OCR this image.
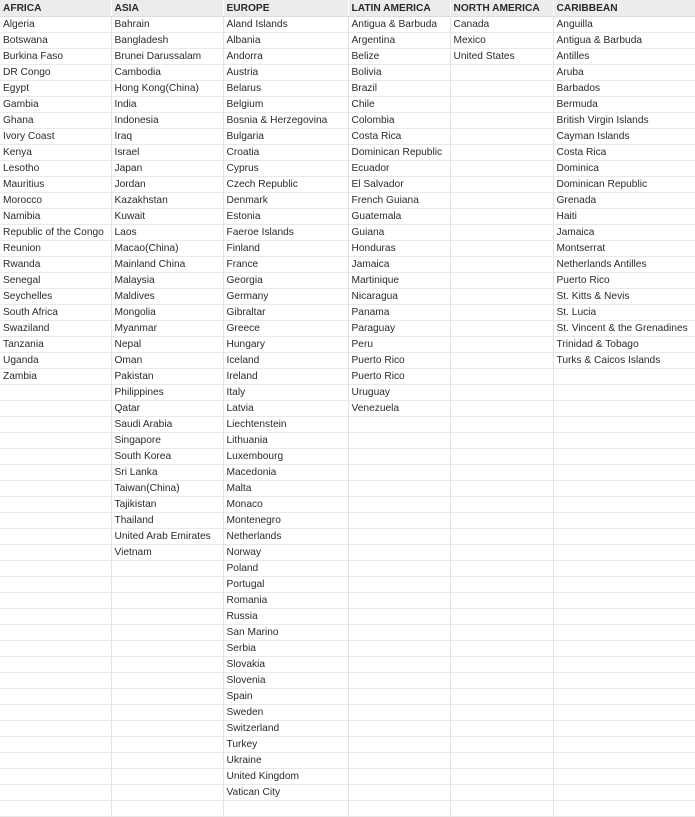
AFRICA	ASIA	EUROPE	LATIN AMERICA	NORTH AMERICA	CARIBBEAN
Algeria	Bahrain	Aland Islands	Antigua & Barbuda	Canada	Anguilla
Botswana	Bangladesh	Albania	Argentina	Mexico	Antigua & Barbuda
Burkina Faso	Brunei Darussalam	Andorra	Belize	United States	Antilles
DR Congo	Cambodia	Austria	Bolivia		Aruba
Egypt	Hong Kong(China)	Belarus	Brazil		Barbados
Gambia	India	Belgium	Chile		Bermuda
Ghana	Indonesia	Bosnia & Herzegovina	Colombia		British Virgin Islands
Ivory Coast	Iraq	Bulgaria	Costa Rica		Cayman Islands
Kenya	Israel	Croatia	Dominican Republic		Costa Rica
Lesotho	Japan	Cyprus	Ecuador		Dominica
Mauritius	Jordan	Czech Republic	El Salvador		Dominican Republic
Morocco	Kazakhstan	Denmark	French Guiana		Grenada
Namibia	Kuwait	Estonia	Guatemala		Haiti
Republic of the Congo	Laos	Faeroe Islands	Guiana		Jamaica
Reunion	Macao(China)	Finland	Honduras		Montserrat
Rwanda	Mainland China	France	Jamaica		Netherlands Antilles
Senegal	Malaysia	Georgia	Martinique		Puerto Rico
Seychelles	Maldives	Germany	Nicaragua		St. Kitts & Nevis
South Africa	Mongolia	Gibraltar	Panama		St. Lucia
Swaziland	Myanmar	Greece	Paraguay		St. Vincent & the Grenadines
Tanzania	Nepal	Hungary	Peru		Trinidad & Tobago
Uganda	Oman	Iceland	Puerto Rico		Turks & Caicos Islands
Zambia	Pakistan	Ireland	Puerto Rico		
	Philippines	Italy	Uruguay		
	Qatar	Latvia	Venezuela		
	Saudi Arabia	Liechtenstein			
	Singapore	Lithuania			
	South Korea	Luxembourg			
	Sri Lanka	Macedonia			
	Taiwan(China)	Malta			
	Tajikistan	Monaco			
	Thailand	Montenegro			
	United Arab Emirates	Netherlands			
	Vietnam	Norway			
		Poland			
		Portugal			
		Romania			
		Russia			
		San Marino			
		Serbia			
		Slovakia			
		Slovenia			
		Spain			
		Sweden			
		Switzerland			
		Turkey			
		Ukraine			
		United Kingdom			
		Vatican City			
